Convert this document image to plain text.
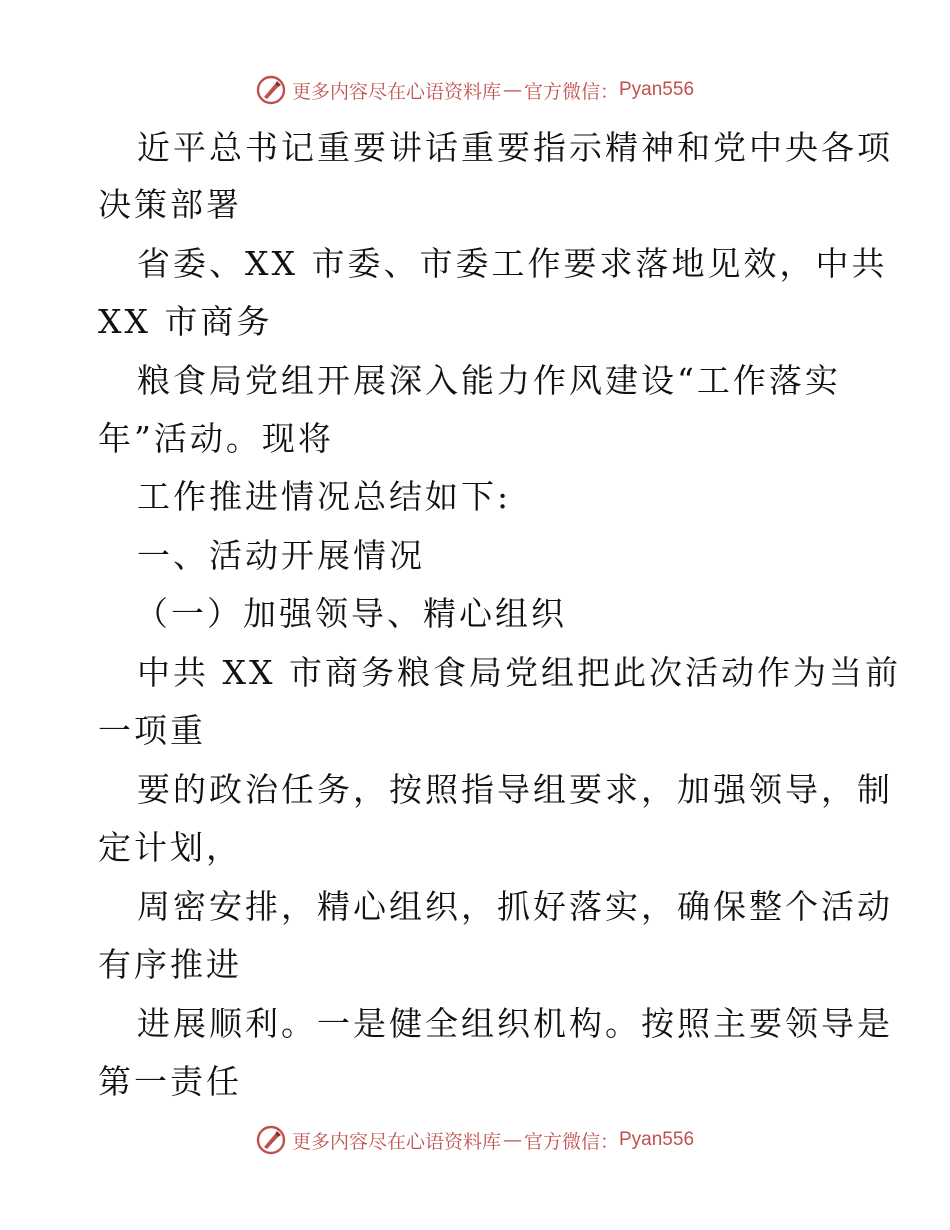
更多内容尽在心语资料库 — 官方微信： Pyan556
近平总书记重要讲话重要指示精神和党中央各项
决策部署
省委、XX 市委、市委工作要求落地见效，中共
XX 市商务
粮食局党组开展深入能力作风建设“工作落实
年”活动。现将
工作推进情况总结如下:
一、活动开展情况
（一）加强领导、精心组织
中共 XX 市商务粮食局党组把此次活动作为当前
一项重
要的政治任务，按照指导组要求，加强领导，制
定计划，
周密安排，精心组织，抓好落实，确保整个活动
有序推进
进展顺利。一是健全组织机构。按照主要领导是
第一责任
更多内容尽在心语资料库 — 官方微信： Pyan556
